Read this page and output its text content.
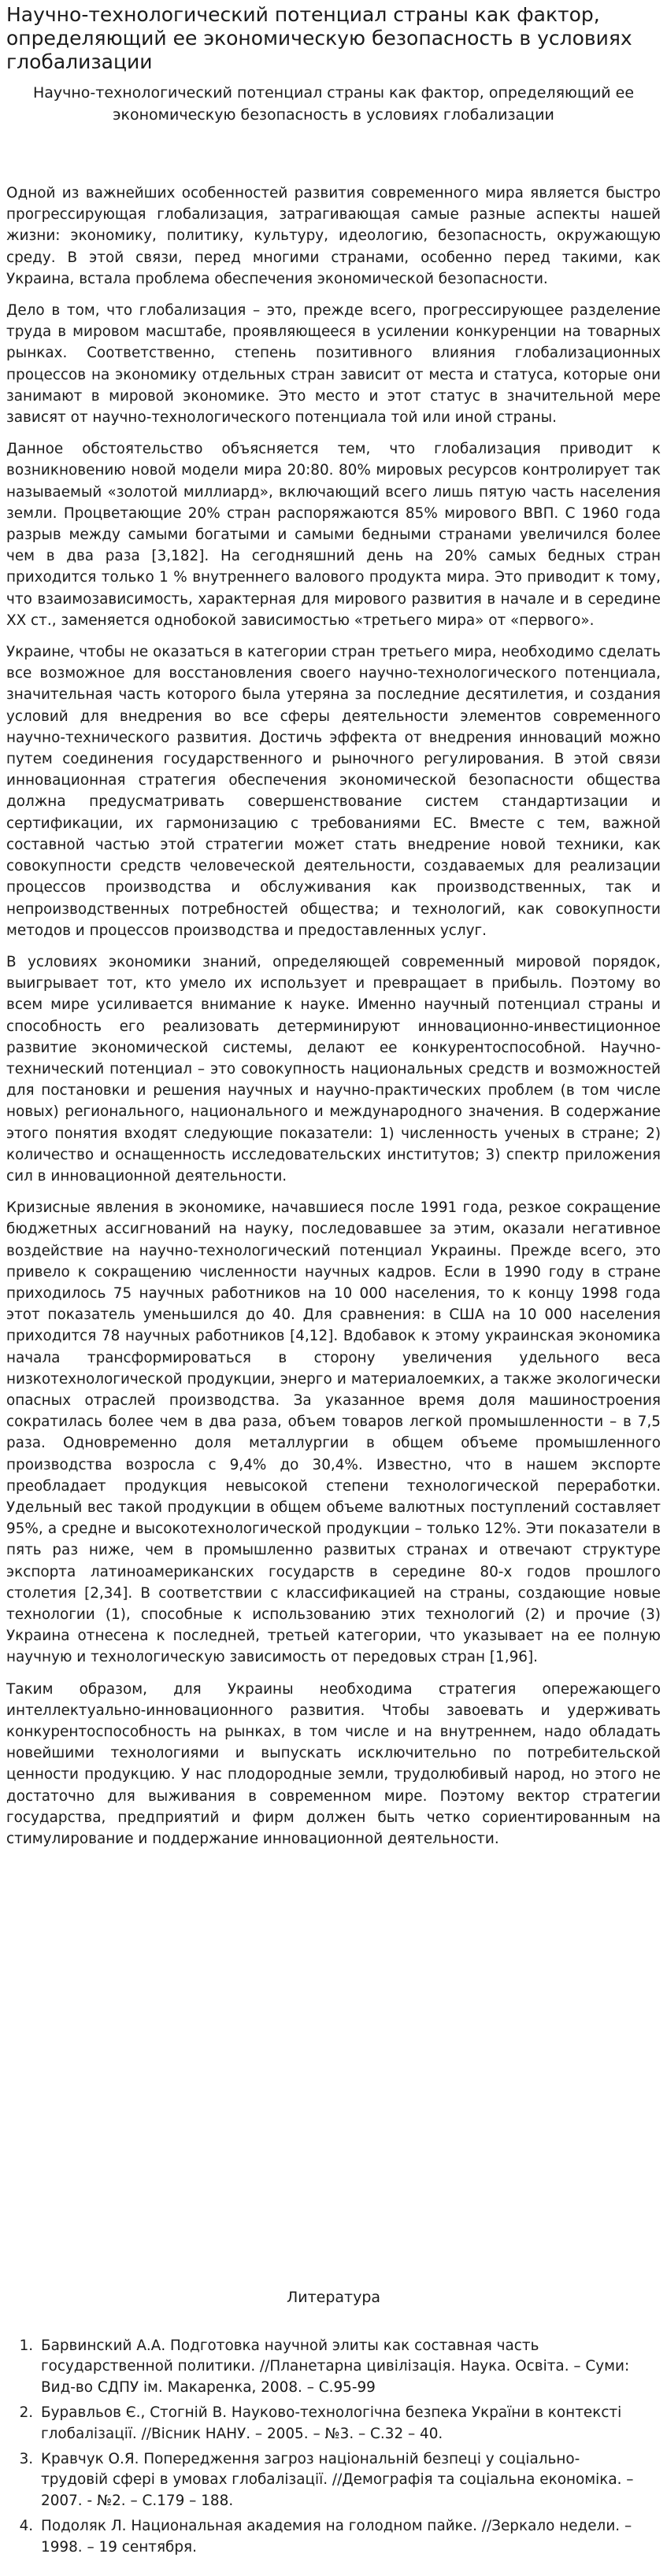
Научно-технологический потенциал страны как фактор, определяющий ее экономическую безопасность в условиях глобализации
Научно-технологический потенциал страны как фактор, определяющий ее экономическую безопасность в условиях глобализации

Одной из важнейших особенностей развития современного мира является быстро прогрессирующая глобализация, затрагивающая самые разные аспекты нашей жизни: экономику, политику, культуру, идеологию, безопасность, окружающую среду. В этой связи, перед многими странами, особенно перед такими, как Украина, встала проблема обеспечения экономической безопасности.

Дело в том, что глобализация – это, прежде всего, прогрессирующее разделение труда в мировом масштабе, проявляющееся в усилении конкуренции на товарных рынках. Соответственно, степень позитивного влияния глобализационных процессов на экономику отдельных стран зависит от места и статуса, которые они занимают в мировой экономике. Это место и этот статус в значительной мере зависят от научно-технологического потенциала той или иной страны.

Данное обстоятельство объясняется тем, что глобализация приводит к возникновению новой модели мира 20:80. 80% мировых ресурсов контролирует так называемый «золотой миллиард», включающий всего лишь пятую часть населения земли. Процветающие 20% стран распоряжаются 85% мирового ВВП. С 1960 года разрыв между самыми богатыми и самыми бедными странами увеличился более чем в два раза [3,182]. На сегодняшний день на 20% самых бедных стран приходится только 1 % внутреннего валового продукта мира. Это приводит к тому, что взаимозависимость, характерная для мирового развития в начале и в середине ХХ ст., заменяется однобокой зависимостью «третьего мира» от «первого».

Украине, чтобы не оказаться в категории стран третьего мира, необходимо сделать все возможное для восстановления своего научно-технологического потенциала, значительная часть которого была утеряна за последние десятилетия, и создания условий для внедрения во все сферы деятельности элементов современного научно-технического развития. Достичь эффекта от внедрения инноваций можно путем соединения государственного и рыночного регулирования. В этой связи инновационная стратегия обеспечения экономической безопасности общества должна предусматривать совершенствование систем стандартизации и сертификации, их гармонизацию с требованиями ЕС. Вместе с тем, важной составной частью этой стратегии может стать внедрение новой техники, как совокупности средств человеческой деятельности, создаваемых для реализации процессов производства и обслуживания как производственных, так и непроизводственных потребностей общества; и технологий, как совокупности методов и процессов производства и предоставленных услуг.

В условиях экономики знаний, определяющей современный мировой порядок, выигрывает тот, кто умело их использует и превращает в прибыль. Поэтому во всем мире усиливается внимание к науке. Именно научный потенциал страны и способность его реализовать детерминируют инновационно-инвестиционное развитие экономической системы, делают ее конкурентоспособной. Научно-технический потенциал – это совокупность национальных средств и возможностей для постановки и решения научных и научно-практических проблем (в том числе новых) регионального, национального и международного значения. В содержание этого понятия входят следующие показатели: 1) численность ученых в стране; 2) количество и оснащенность исследовательских институтов; 3) спектр приложения сил в инновационной деятельности.

Кризисные явления в экономике, начавшиеся после 1991 года, резкое сокращение бюджетных ассигнований на науку, последовавшее за этим, оказали негативное воздействие на научно-технологический потенциал Украины. Прежде всего, это привело к сокращению численности научных кадров. Если в 1990 году в стране приходилось 75 научных работников на 10 000 населения, то к концу 1998 года этот показатель уменьшился до 40. Для сравнения: в США на 10 000 населения приходится 78 научных работников [4,12]. Вдобавок к этому украинская экономика начала трансформироваться в сторону увеличения удельного веса низкотехнологической продукции, энерго и материалоемких, а также экологически опасных отраслей производства. За указанное время доля машиностроения сократилась более чем в два раза, объем товаров легкой промышленности – в 7,5 раза. Одновременно доля металлургии в общем объеме промышленного производства возросла с 9,4% до 30,4%. Известно, что в нашем экспорте преобладает продукция невысокой степени технологической переработки. Удельный вес такой продукции в общем объеме валютных поступлений составляет 95%, а средне и высокотехнологической продукции – только 12%. Эти показатели в пять раз ниже, чем в промышленно развитых странах и отвечают структуре экспорта латиноамериканских государств в середине 80-х годов прошлого столетия [2,34]. В соответствии с классификацией на страны, создающие новые технологии (1), способные к использованию этих технологий (2) и прочие (3) Украина отнесена к последней, третьей категории, что указывает на ее полную научную и технологическую зависимость от передовых стран [1,96].

Таким образом, для Украины необходима стратегия опережающего интеллектуально-инновационного развития. Чтобы завоевать и удерживать конкурентоспособность на рынках, в том числе и на внутреннем, надо обладать новейшими технологиями и выпускать исключительно по потребительской ценности продукцию. У нас плодородные земли, трудолюбивый народ, но этого не достаточно для выживания в современном мире. Поэтому вектор стратегии государства, предприятий и фирм должен быть четко сориентированным на стимулирование и поддержание инновационной деятельности.

Литература
1. Барвинский А.А. Подготовка научной элиты как составная часть государственной политики. //Планетарна цивілізація. Наука. Освіта. – Суми: Вид-во СДПУ ім. Макаренка, 2008. – С.95-99
2. Буравльов Є., Стогній В. Науково-технологічна безпека України в контексті глобалізації. //Вісник НАНУ. – 2005. – №3. – С.32 – 40.
3. Кравчук О.Я. Попередження загроз національній безпеці у соціально-трудовій сфері в умовах глобалізації. //Демографія та соціальна економіка. – 2007. - №2. – С.179 – 188.
4. Подоляк Л. Национальная академия на голодном пайке. //Зеркало недели. – 1998. – 19 сентября.
